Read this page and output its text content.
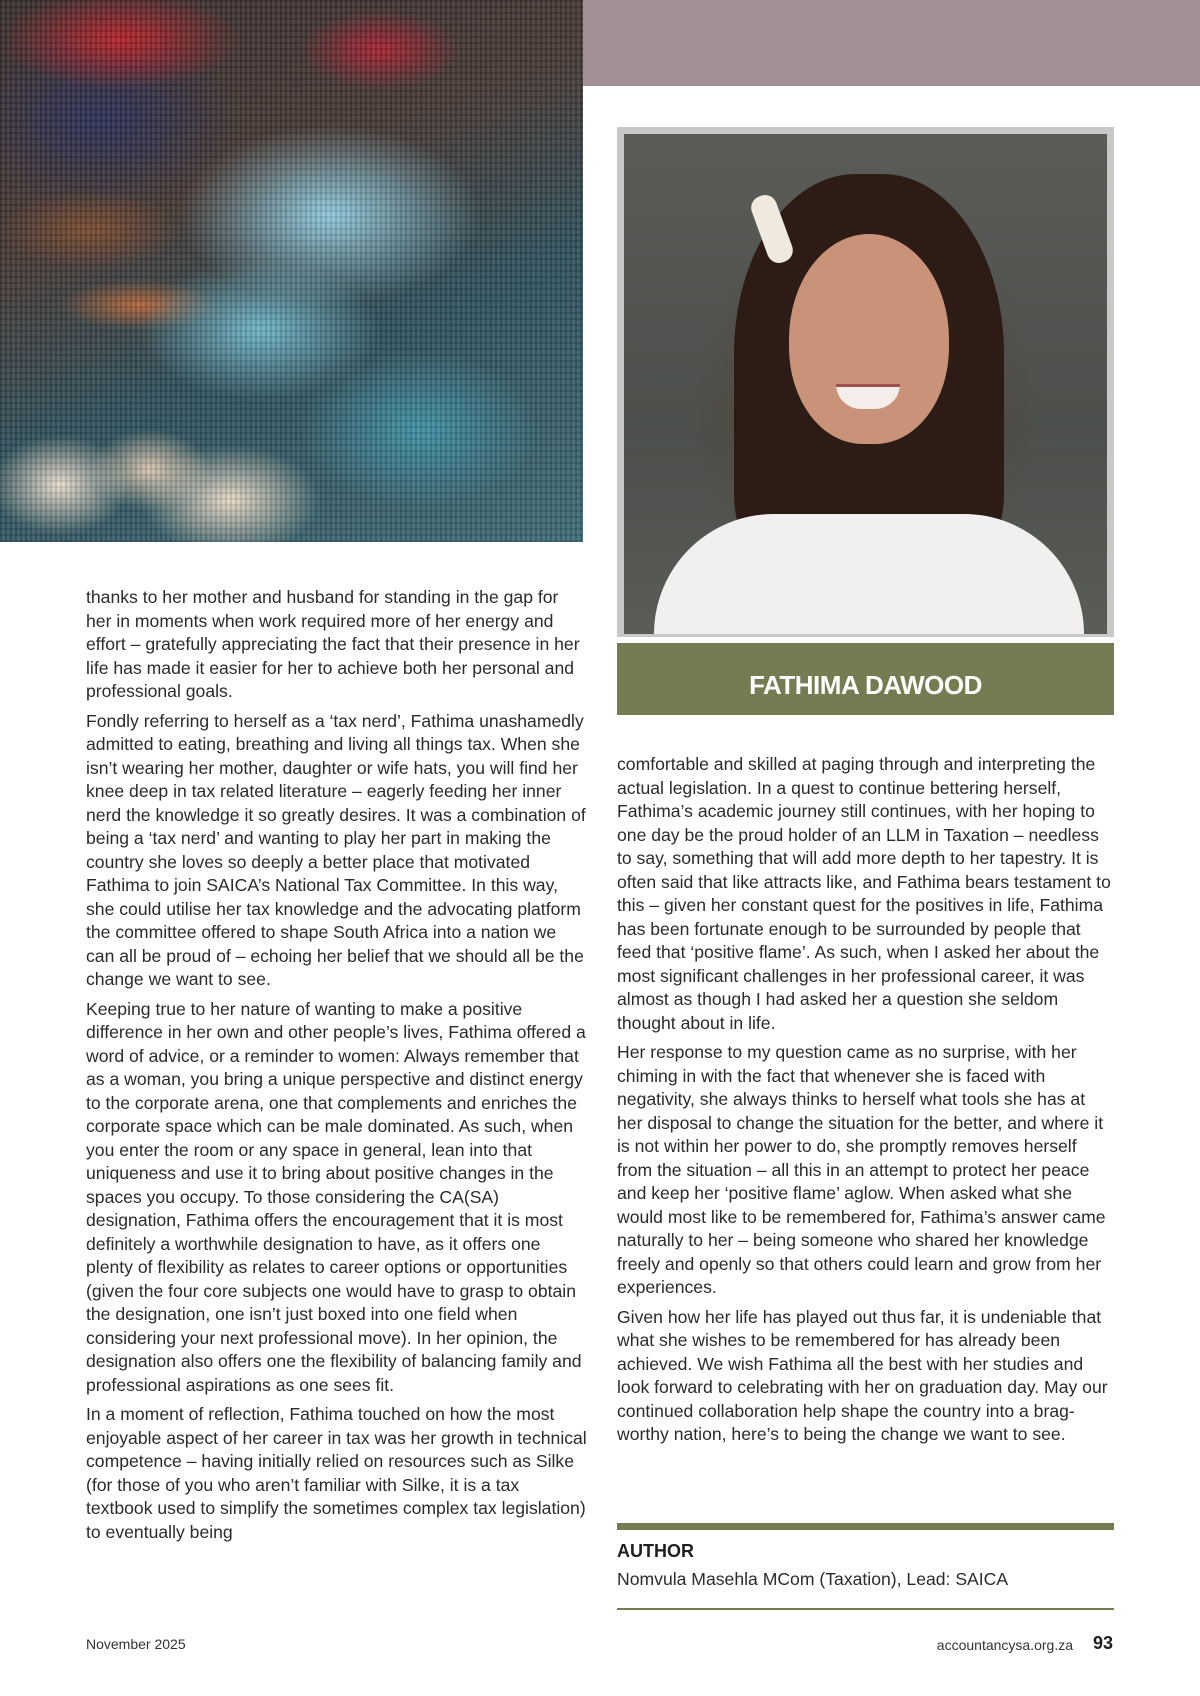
FATHIMA DAWOOD

thanks to her mother and husband for standing in the gap for her in moments when work required more of her energy and effort – gratefully appreciating the fact that their presence in her life has made it easier for her to achieve both her personal and professional goals.

Fondly referring to herself as a ‘tax nerd’, Fathima unashamedly admitted to eating, breathing and living all things tax. When she isn’t wearing her mother, daughter or wife hats, you will find her knee deep in tax related literature – eagerly feeding her inner nerd the knowledge it so greatly desires. It was a combination of being a ‘tax nerd’ and wanting to play her part in making the country she loves so deeply a better place that motivated Fathima to join SAICA’s National Tax Committee. In this way, she could utilise her tax knowledge and the advocating platform the committee offered to shape South Africa into a nation we can all be proud of – echoing her belief that we should all be the change we want to see.

Keeping true to her nature of wanting to make a positive difference in her own and other people’s lives, Fathima offered a word of advice, or a reminder to women: Always remember that as a woman, you bring a unique perspective and distinct energy to the corporate arena, one that complements and enriches the corporate space which can be male dominated. As such, when you enter the room or any space in general, lean into that uniqueness and use it to bring about positive changes in the spaces you occupy. To those considering the CA(SA) designation, Fathima offers the encouragement that it is most definitely a worthwhile designation to have, as it offers one plenty of flexibility as relates to career options or opportunities (given the four core subjects one would have to grasp to obtain the designation, one isn’t just boxed into one field when considering your next professional move). In her opinion, the designation also offers one the flexibility of balancing family and professional aspirations as one sees fit.

In a moment of reflection, Fathima touched on how the most enjoyable aspect of her career in tax was her growth in technical competence – having initially relied on resources such as Silke (for those of you who aren’t familiar with Silke, it is a tax textbook used to simplify the sometimes complex tax legislation) to eventually being

comfortable and skilled at paging through and interpreting the actual legislation. In a quest to continue bettering herself, Fathima’s academic journey still continues, with her hoping to one day be the proud holder of an LLM in Taxation – needless to say, something that will add more depth to her tapestry. It is often said that like attracts like, and Fathima bears testament to this – given her constant quest for the positives in life, Fathima has been fortunate enough to be surrounded by people that feed that ‘positive flame’. As such, when I asked her about the most significant challenges in her professional career, it was almost as though I had asked her a question she seldom thought about in life.

Her response to my question came as no surprise, with her chiming in with the fact that whenever she is faced with negativity, she always thinks to herself what tools she has at her disposal to change the situation for the better, and where it is not within her power to do, she promptly removes herself from the situation – all this in an attempt to protect her peace and keep her ‘positive flame’ aglow. When asked what she would most like to be remembered for, Fathima’s answer came naturally to her – being someone who shared her knowledge freely and openly so that others could learn and grow from her experiences.

Given how her life has played out thus far, it is undeniable that what she wishes to be remembered for has already been achieved. We wish Fathima all the best with her studies and look forward to celebrating with her on graduation day. May our continued collaboration help shape the country into a brag-worthy nation, here’s to being the change we want to see.

AUTHOR
Nomvula Masehla MCom (Taxation), Lead: SAICA
November 2025	accountancysa.org.za 93
